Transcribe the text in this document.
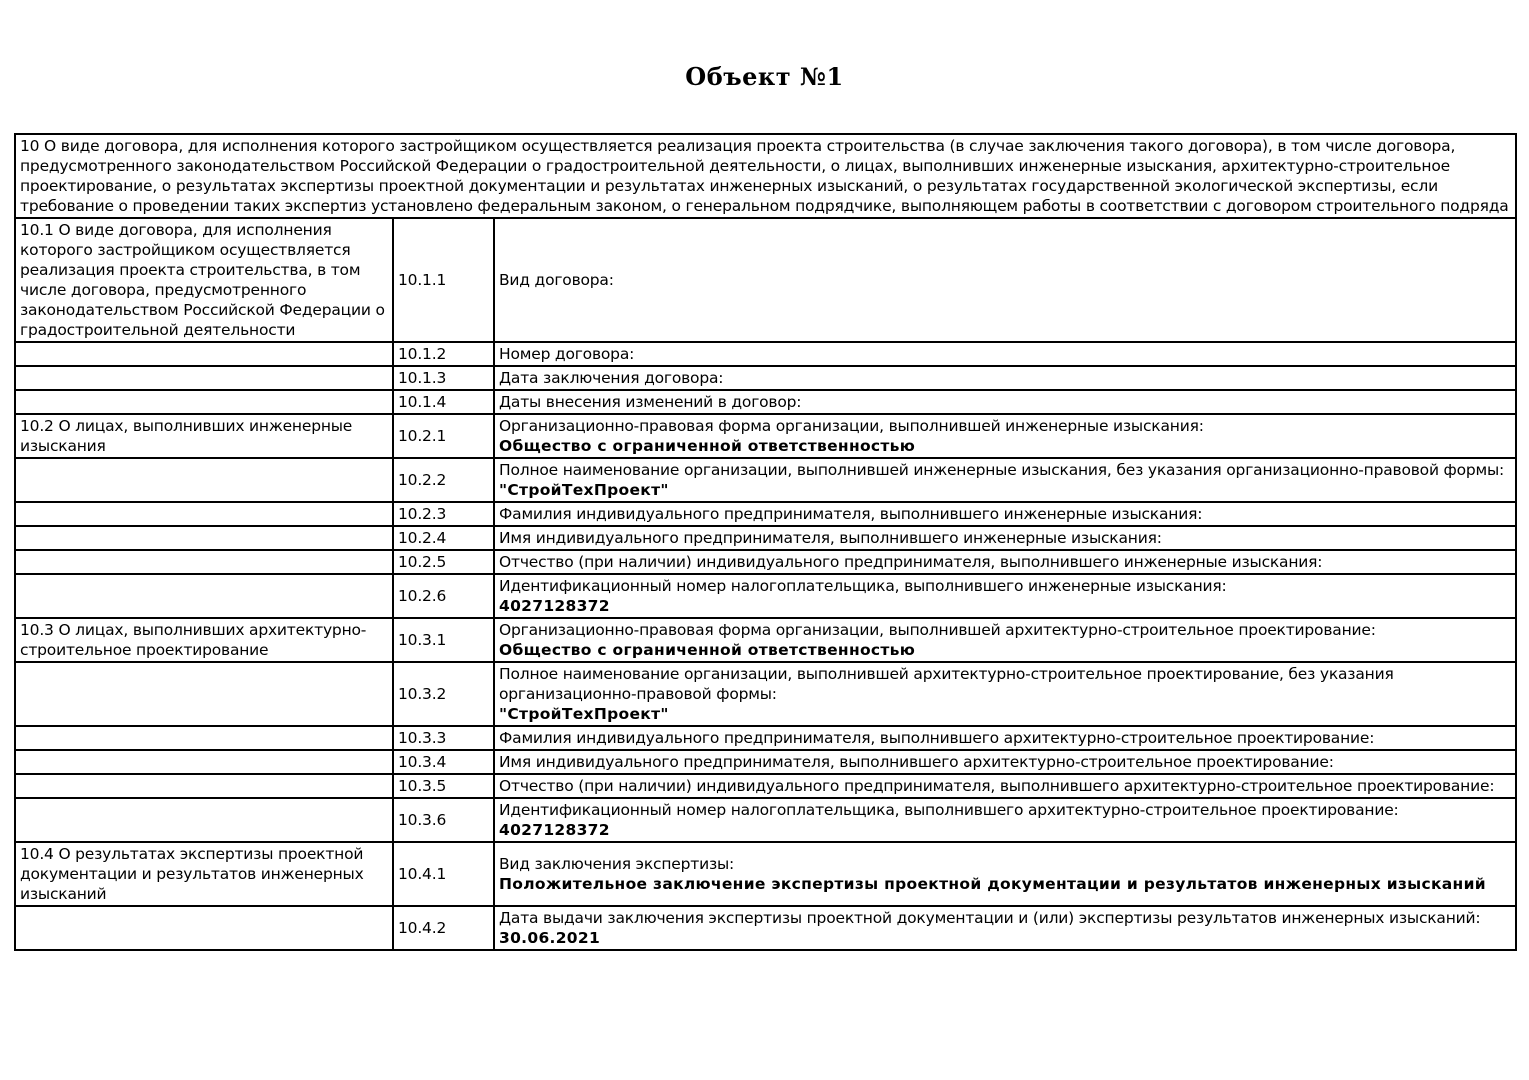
Объект №1
10 О виде договора, для исполнения которого застройщиком осуществляется реализация проекта строительства (в случае заключения такого договора), в том числе договора, предусмотренного законодательством Российской Федерации о градостроительной деятельности, о лицах, выполнивших инженерные изыскания, архитектурно-строительное проектирование, о результатах экспертизы проектной документации и результатах инженерных изысканий, о результатах государственной экологической экспертизы, если требование о проведении таких экспертиз установлено федеральным законом, о генеральном подрядчике, выполняющем работы в соответствии с договором строительного подряда		
10.1 О виде договора, для исполнения которого застройщиком осуществляется реализация проекта строительства, в том числе договора, предусмотренного законодательством Российской Федерации о градостроительной деятельности	10.1.1	Вид договора:

	10.1.2	Номер договора:

	10.1.3	Дата заключения договора:

	10.1.4	Даты внесения изменений в договор:

10.2 О лицах, выполнивших инженерные изыскания	10.2.1	Организационно-правовая форма организации, выполнившей инженерные изыскания:
Общество с ограниченной ответственностью

	10.2.2	Полное наименование организации, выполнившей инженерные изыскания, без указания организационно-правовой формы:
"СтройТехПроект"

	10.2.3	Фамилия индивидуального предпринимателя, выполнившего инженерные изыскания:

	10.2.4	Имя индивидуального предпринимателя, выполнившего инженерные изыскания:

	10.2.5	Отчество (при наличии) индивидуального предпринимателя, выполнившего инженерные изыскания:

	10.2.6	Идентификационный номер налогоплательщика, выполнившего инженерные изыскания:
4027128372

10.3 О лицах, выполнивших архитектурно-строительное проектирование	10.3.1	Организационно-правовая форма организации, выполнившей архитектурно-строительное проектирование:
Общество с ограниченной ответственностью

	10.3.2	Полное наименование организации, выполнившей архитектурно-строительное проектирование, без указания организационно-правовой формы:
"СтройТехПроект"

	10.3.3	Фамилия индивидуального предпринимателя, выполнившего архитектурно-строительное проектирование:

	10.3.4	Имя индивидуального предпринимателя, выполнившего архитектурно-строительное проектирование:

	10.3.5	Отчество (при наличии) индивидуального предпринимателя, выполнившего архитектурно-строительное проектирование:

	10.3.6	Идентификационный номер налогоплательщика, выполнившего архитектурно-строительное проектирование:
4027128372

10.4 О результатах экспертизы проектной документации и результатов инженерных изысканий	10.4.1	Вид заключения экспертизы:
Положительное заключение экспертизы проектной документации и результатов инженерных изысканий

	10.4.2	Дата выдачи заключения экспертизы проектной документации и (или) экспертизы результатов инженерных изысканий:
30.06.2021
